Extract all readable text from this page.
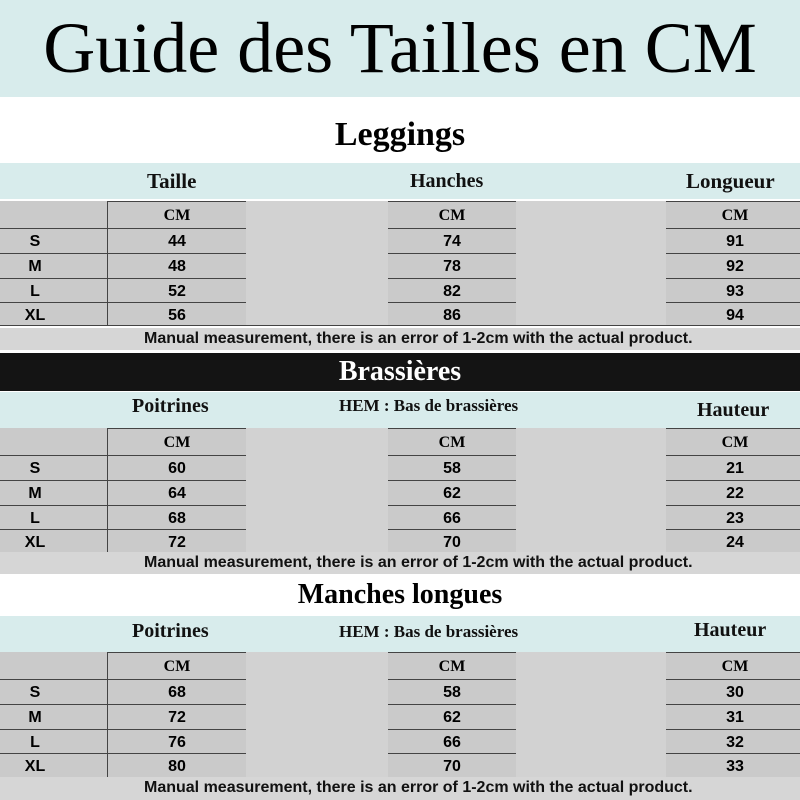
Guide des Tailles en CM
Leggings
Taille	Hanches	Longueur
CM	CM	CM
S	44	74	91
M	48	78	92
L	52	82	93
XL	56	86	94
Manual measurement, there is an error of 1-2cm with the actual product.
Brassières
Poitrines	HEM : Bas de brassières	Hauteur
CM	CM	CM
S	60	58	21
M	64	62	22
L	68	66	23
XL	72	70	24
Manual measurement, there is an error of 1-2cm with the actual product.
Manches longues
Poitrines	HEM : Bas de brassières	Hauteur
CM	CM	CM
S	68	58	30
M	72	62	31
L	76	66	32
XL	80	70	33
Manual measurement, there is an error of 1-2cm with the actual product.
